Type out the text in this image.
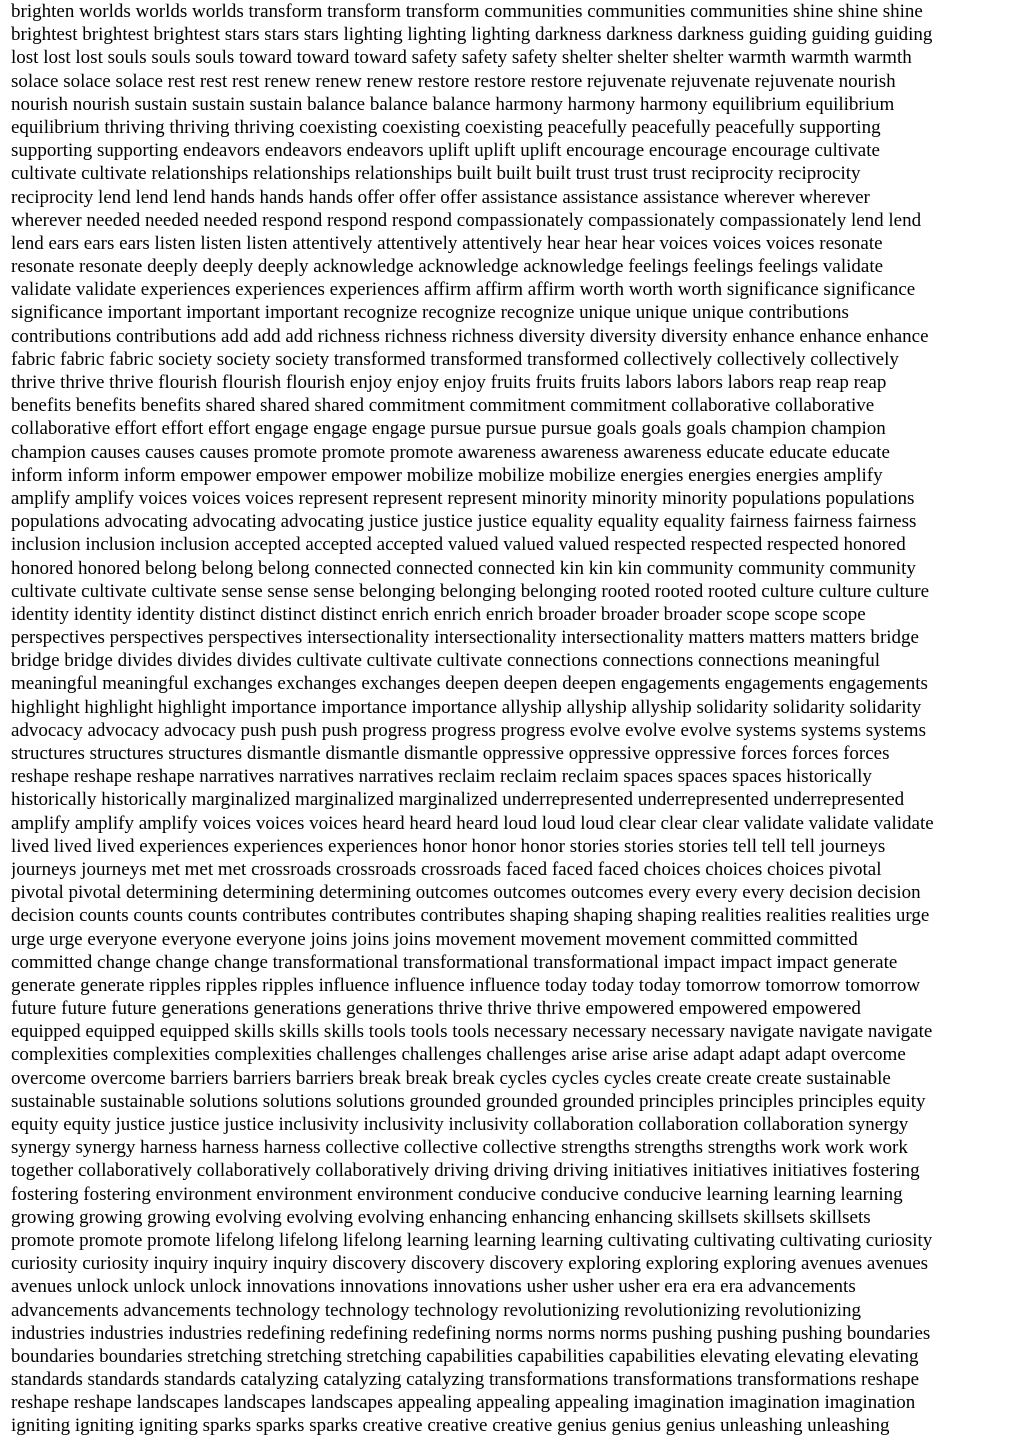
brighten worlds worlds worlds transform transform transform communities communities communities shine shine shine
brightest brightest brightest stars stars stars lighting lighting lighting darkness darkness darkness guiding guiding guiding
lost lost lost souls souls souls toward toward toward safety safety safety shelter shelter shelter warmth warmth warmth
solace solace solace rest rest rest renew renew renew restore restore restore rejuvenate rejuvenate rejuvenate nourish
nourish nourish sustain sustain sustain balance balance balance harmony harmony harmony equilibrium equilibrium
equilibrium thriving thriving thriving coexisting coexisting coexisting peacefully peacefully peacefully supporting
supporting supporting endeavors endeavors endeavors uplift uplift uplift encourage encourage encourage cultivate
cultivate cultivate relationships relationships relationships built built built trust trust trust reciprocity reciprocity
reciprocity lend lend lend hands hands hands offer offer offer assistance assistance assistance wherever wherever
wherever needed needed needed respond respond respond compassionately compassionately compassionately lend lend
lend ears ears ears listen listen listen attentively attentively attentively hear hear hear voices voices voices resonate
resonate resonate deeply deeply deeply acknowledge acknowledge acknowledge feelings feelings feelings validate
validate validate experiences experiences experiences affirm affirm affirm worth worth worth significance significance
significance important important important recognize recognize recognize unique unique unique contributions
contributions contributions add add add richness richness richness diversity diversity diversity enhance enhance enhance
fabric fabric fabric society society society transformed transformed transformed collectively collectively collectively
thrive thrive thrive flourish flourish flourish enjoy enjoy enjoy fruits fruits fruits labors labors labors reap reap reap
benefits benefits benefits shared shared shared commitment commitment commitment collaborative collaborative
collaborative effort effort effort engage engage engage pursue pursue pursue goals goals goals champion champion
champion causes causes causes promote promote promote awareness awareness awareness educate educate educate
inform inform inform empower empower empower mobilize mobilize mobilize energies energies energies amplify
amplify amplify voices voices voices represent represent represent minority minority minority populations populations
populations advocating advocating advocating justice justice justice equality equality equality fairness fairness fairness
inclusion inclusion inclusion accepted accepted accepted valued valued valued respected respected respected honored
honored honored belong belong belong connected connected connected kin kin kin community community community
cultivate cultivate cultivate sense sense sense belonging belonging belonging rooted rooted rooted culture culture culture
identity identity identity distinct distinct distinct enrich enrich enrich broader broader broader scope scope scope
perspectives perspectives perspectives intersectionality intersectionality intersectionality matters matters matters bridge
bridge bridge divides divides divides cultivate cultivate cultivate connections connections connections meaningful
meaningful meaningful exchanges exchanges exchanges deepen deepen deepen engagements engagements engagements
highlight highlight highlight importance importance importance allyship allyship allyship solidarity solidarity solidarity
advocacy advocacy advocacy push push push progress progress progress evolve evolve evolve systems systems systems
structures structures structures dismantle dismantle dismantle oppressive oppressive oppressive forces forces forces
reshape reshape reshape narratives narratives narratives reclaim reclaim reclaim spaces spaces spaces historically
historically historically marginalized marginalized marginalized underrepresented underrepresented underrepresented
amplify amplify amplify voices voices voices heard heard heard loud loud loud clear clear clear validate validate validate
lived lived lived experiences experiences experiences honor honor honor stories stories stories tell tell tell journeys
journeys journeys met met met crossroads crossroads crossroads faced faced faced choices choices choices pivotal
pivotal pivotal determining determining determining outcomes outcomes outcomes every every every decision decision
decision counts counts counts contributes contributes contributes shaping shaping shaping realities realities realities urge
urge urge everyone everyone everyone joins joins joins movement movement movement committed committed
committed change change change transformational transformational transformational impact impact impact generate
generate generate ripples ripples ripples influence influence influence today today today tomorrow tomorrow tomorrow
future future future generations generations generations thrive thrive thrive empowered empowered empowered
equipped equipped equipped skills skills skills tools tools tools necessary necessary necessary navigate navigate navigate
complexities complexities complexities challenges challenges challenges arise arise arise adapt adapt adapt overcome
overcome overcome barriers barriers barriers break break break cycles cycles cycles create create create sustainable
sustainable sustainable solutions solutions solutions grounded grounded grounded principles principles principles equity
equity equity justice justice justice inclusivity inclusivity inclusivity collaboration collaboration collaboration synergy
synergy synergy harness harness harness collective collective collective strengths strengths strengths work work work
together collaboratively collaboratively collaboratively driving driving driving initiatives initiatives initiatives fostering
fostering fostering environment environment environment conducive conducive conducive learning learning learning
growing growing growing evolving evolving evolving enhancing enhancing enhancing skillsets skillsets skillsets
promote promote promote lifelong lifelong lifelong learning learning learning cultivating cultivating cultivating curiosity
curiosity curiosity inquiry inquiry inquiry discovery discovery discovery exploring exploring exploring avenues avenues
avenues unlock unlock unlock innovations innovations innovations usher usher usher era era era advancements
advancements advancements technology technology technology revolutionizing revolutionizing revolutionizing
industries industries industries redefining redefining redefining norms norms norms pushing pushing pushing boundaries
boundaries boundaries stretching stretching stretching capabilities capabilities capabilities elevating elevating elevating
standards standards standards catalyzing catalyzing catalyzing transformations transformations transformations reshape
reshape reshape landscapes landscapes landscapes appealing appealing appealing imagination imagination imagination
igniting igniting igniting sparks sparks sparks creative creative creative genius genius genius unleashing unleashing
